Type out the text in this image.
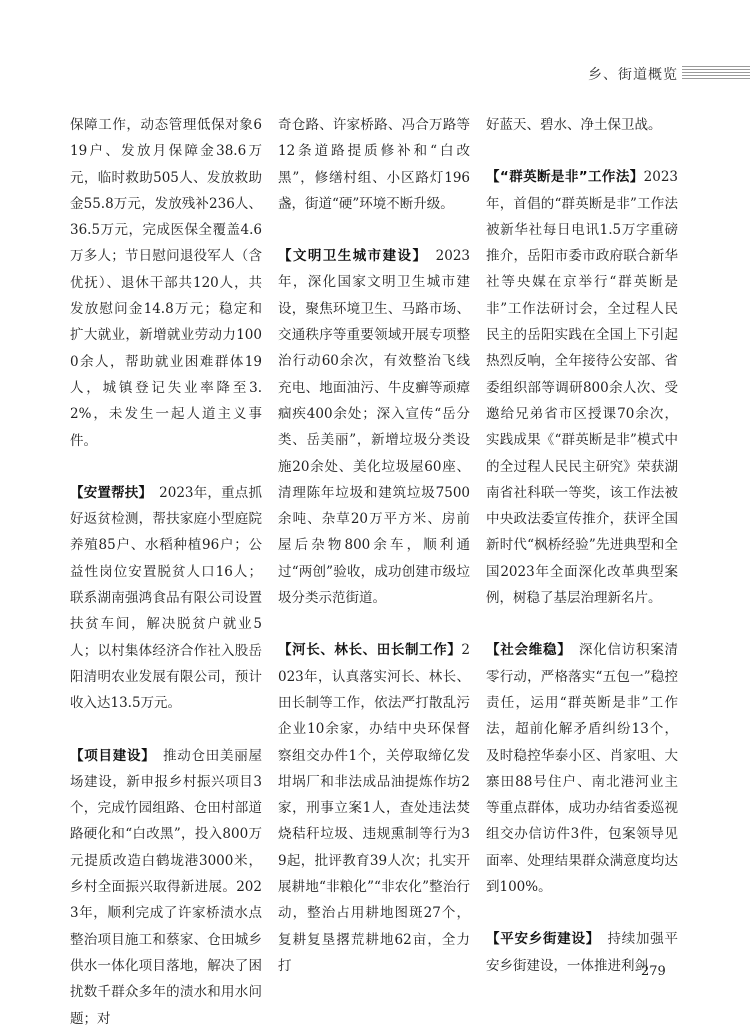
乡、街道概览

保障工作，动态管理低保对象619户、发放月保障金38.6万元，临时救助505人、发放救助金55.8万元，发放残补236人、36.5万元，完成医保全覆盖4.6万多人；节日慰问退役军人（含优抚）、退休干部共120人，共发放慰问金14.8万元；稳定和扩大就业，新增就业劳动力1000余人，帮助就业困难群体19人，城镇登记失业率降至3.2%，未发生一起人道主义事件。

【安置帮扶】　2023年，重点抓好返贫检测，帮扶家庭小型庭院养殖85户、水稻种植96户；公益性岗位安置脱贫人口16人；联系湖南强鸿食品有限公司设置扶贫车间，解决脱贫户就业5人；以村集体经济合作社入股岳阳清明农业发展有限公司，预计收入达13.5万元。

【项目建设】　推动仓田美丽屋场建设，新申报乡村振兴项目3个，完成竹园组路、仓田村部道路硬化和“白改黑”，投入800万元提质改造白鹤垅港3000米，乡村全面振兴取得新进展。2023年，顺利完成了许家桥渍水点整治项目施工和蔡家、仓田城乡供水一体化项目落地，解决了困扰数千群众多年的渍水和用水问题；对

奇仓路、许家桥路、冯合万路等12条道路提质修补和“白改黑”，修缮村组、小区路灯196盏，街道“硬”环境不断升级。

【文明卫生城市建设】　2023年，深化国家文明卫生城市建设，聚焦环境卫生、马路市场、交通秩序等重要领域开展专项整治行动60余次，有效整治飞线充电、地面油污、牛皮癣等顽瘴痼疾400余处；深入宣传“岳分类、岳美丽”，新增垃圾分类设施20余处、美化垃圾屋60座、清理陈年垃圾和建筑垃圾7500余吨、杂草20万平方米、房前屋后杂物800余车，顺利通过“两创”验收，成功创建市级垃圾分类示范街道。

【河长、林长、田长制工作】2023年，认真落实河长、林长、田长制等工作，依法严打散乱污企业10余家，办结中央环保督察组交办件1个，关停取缔亿发坩埚厂和非法成品油提炼作坊2家，刑事立案1人，查处违法焚烧秸秆垃圾、违规熏制等行为39起，批评教育39人次；扎实开展耕地“非粮化”“非农化”整治行动，整治占用耕地图斑27个，复耕复垦撂荒耕地62亩，全力打

好蓝天、碧水、净土保卫战。

【“群英断是非”工作法】2023年，首倡的“群英断是非”工作法被新华社每日电讯1.5万字重磅推介，岳阳市委市政府联合新华社等央媒在京举行“群英断是非”工作法研讨会，全过程人民民主的岳阳实践在全国上下引起热烈反响，全年接待公安部、省委组织部等调研800余人次、受邀给兄弟省市区授课70余次，实践成果《“群英断是非”模式中的全过程人民民主研究》荣获湖南省社科联一等奖，该工作法被中央政法委宣传推介，获评全国新时代“枫桥经验”先进典型和全国2023年全面深化改革典型案例，树稳了基层治理新名片。

【社会维稳】　深化信访积案清零行动，严格落实“五包一”稳控责任，运用“群英断是非”工作法，超前化解矛盾纠纷13个，及时稳控华泰小区、肖家咀、大寨田88号住户、南北港河业主等重点群体，成功办结省委巡视组交办信访件3件，包案领导见面率、处理结果群众满意度均达到100%。

【平安乡街建设】　持续加强平安乡街建设，一体推进利剑

279
